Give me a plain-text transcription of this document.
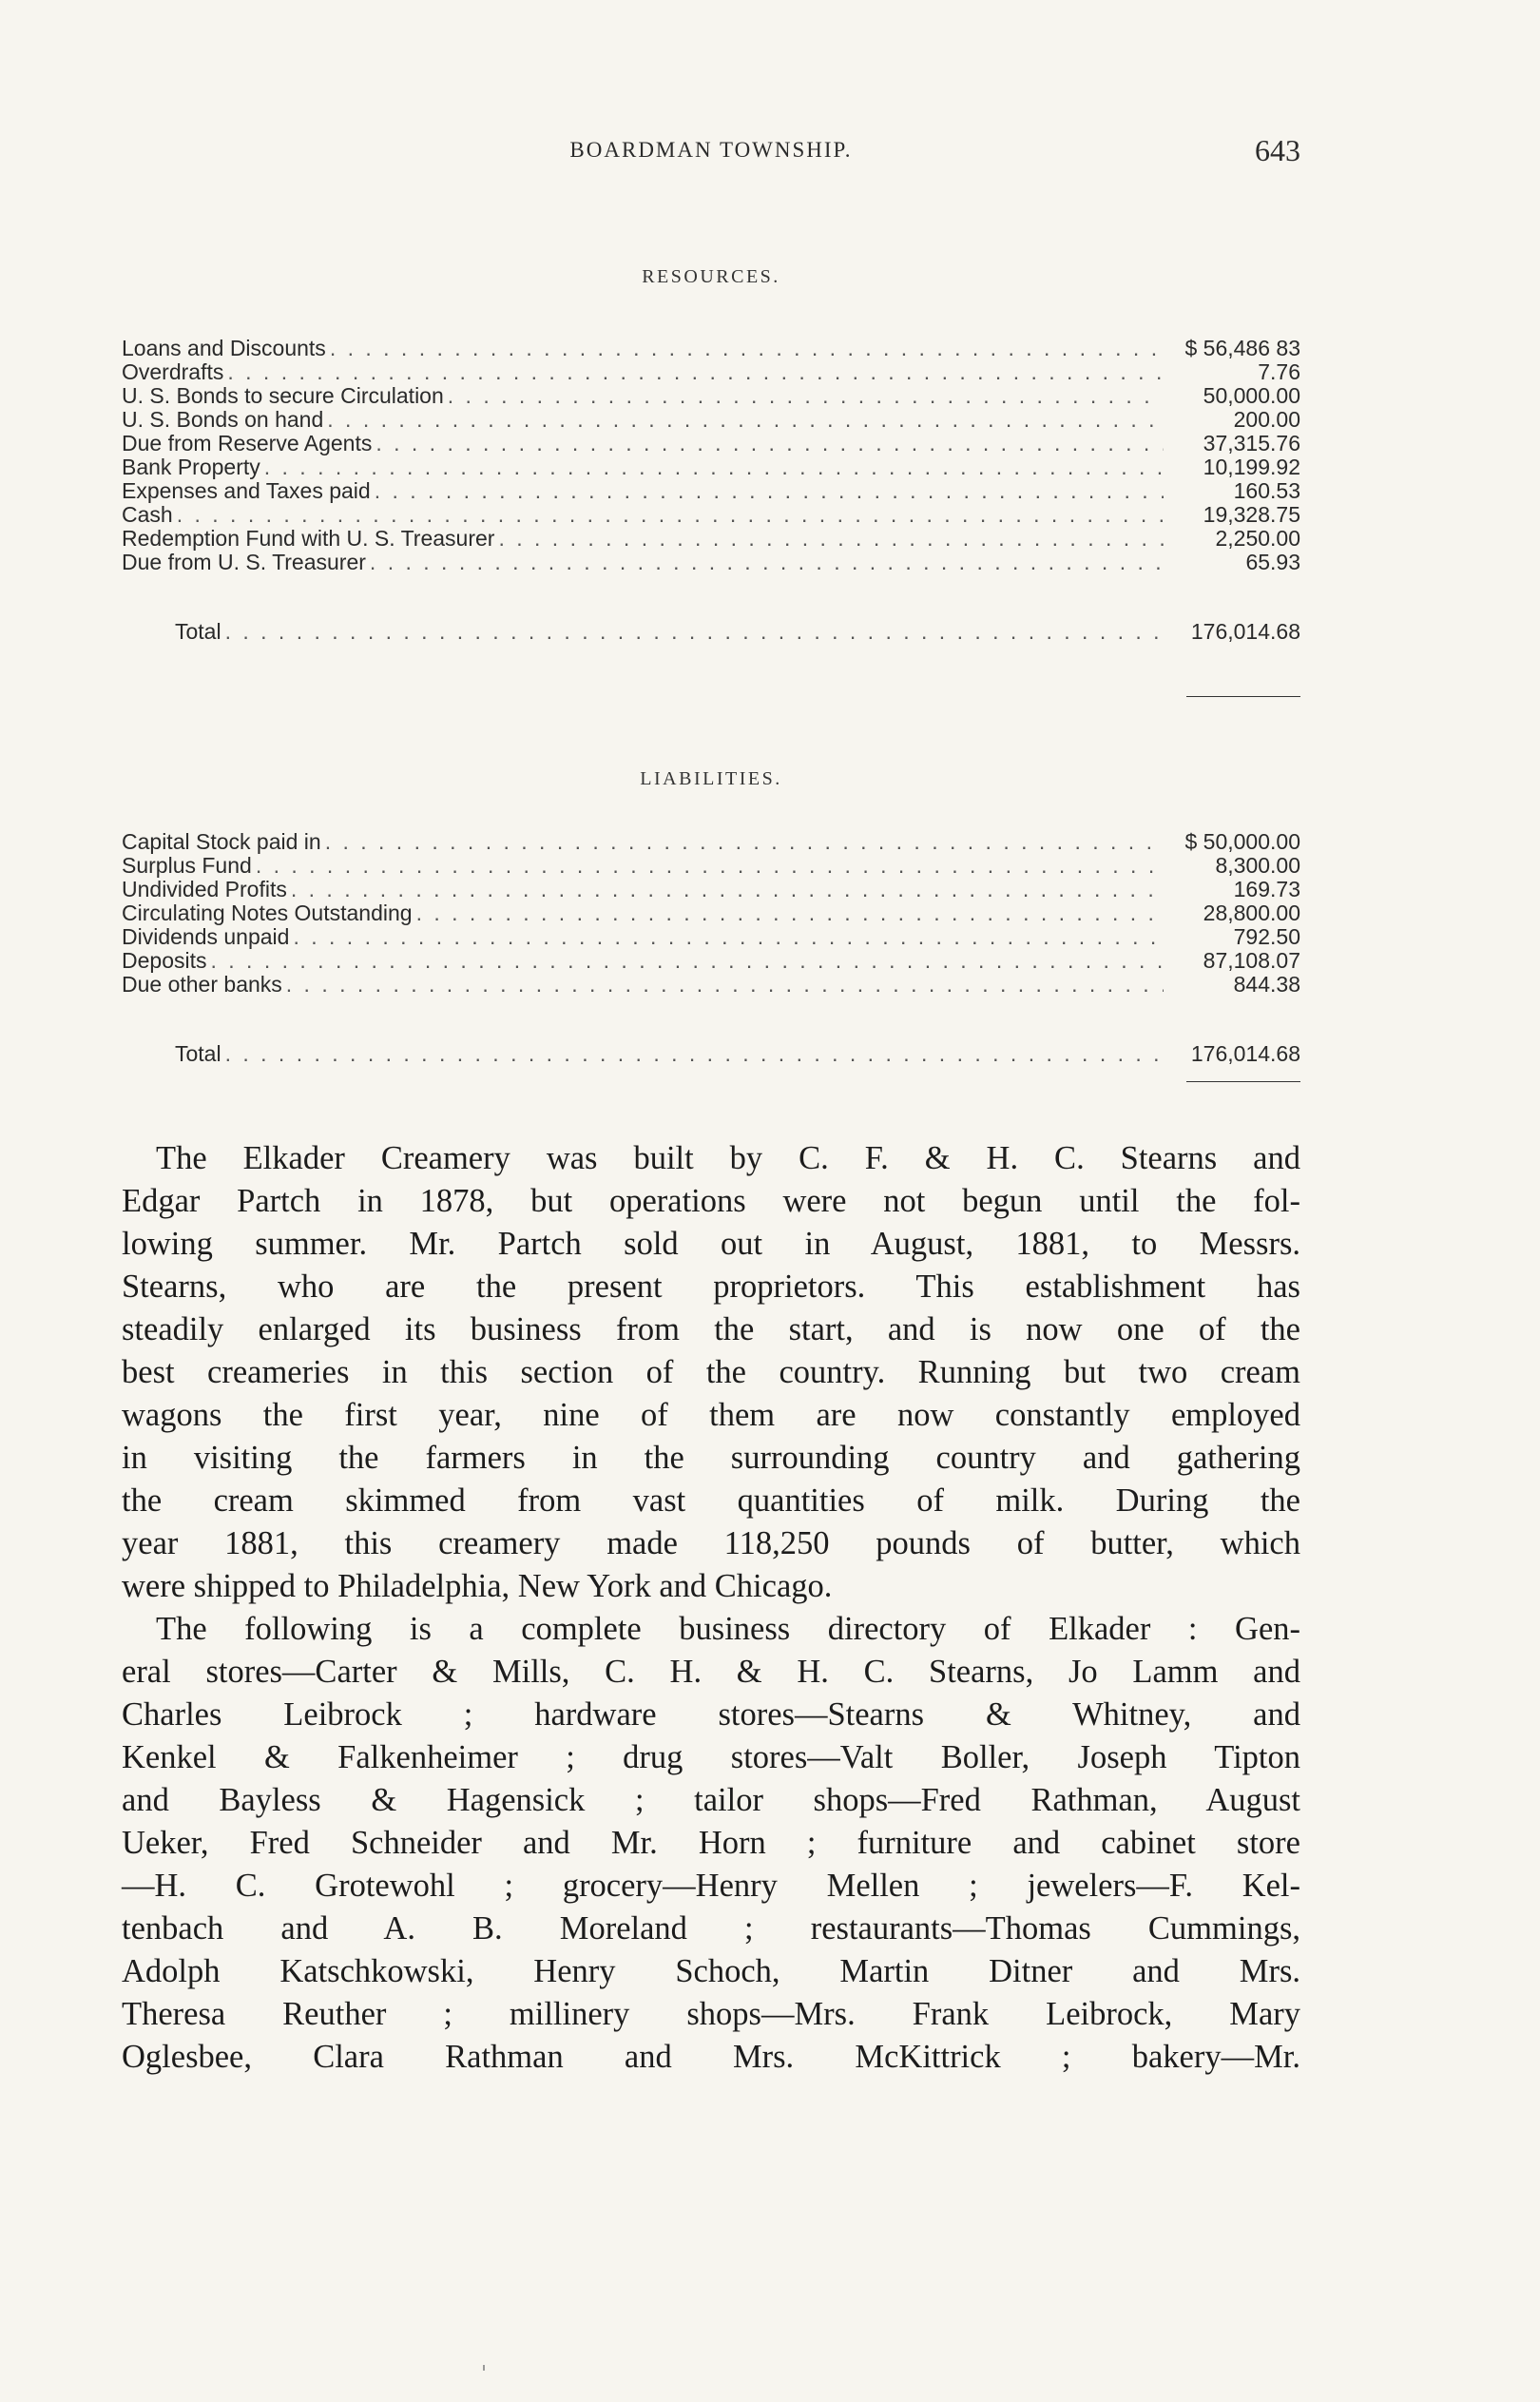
BOARDMAN TOWNSHIP.	643
RESOURCES.
Loans and Discounts . . .	$ 56,486 83
Overdrafts . . .	7.76
U. S. Bonds to secure Circulation . . .	50,000.00
U. S. Bonds on hand . . .	200.00
Due from Reserve Agents . . .	37,315.76
Bank Property . . .	10,199.92
Expenses and Taxes paid . . .	160.53
Cash . . .	19,328.75
Redemption Fund with U. S. Treasurer . . .	2,250.00
Due from U. S. Treasurer . . .	65.93
Total . . .	176,014.68
LIABILITIES.
Capital Stock paid in . . .	$ 50,000.00
Surplus Fund . . .	8,300.00
Undivided Profits . . .	169.73
Circulating Notes Outstanding . . .	28,800.00
Dividends unpaid . . .	792.50
Deposits . . .	87,108.07
Due other banks . . .	844.38
Total . . .	176,014.68
The Elkader Creamery was built by C. F. & H. C. Stearns and
Edgar Partch in 1878, but operations were not begun until the fol-
lowing summer. Mr. Partch sold out in August, 1881, to Messrs.
Stearns, who are the present proprietors. This establishment has
steadily enlarged its business from the start, and is now one of the
best creameries in this section of the country. Running but two cream
wagons the first year, nine of them are now constantly employed
in visiting the farmers in the surrounding country and gathering
the cream skimmed from vast quantities of milk. During the
year 1881, this creamery made 118,250 pounds of butter, which
were shipped to Philadelphia, New York and Chicago.
The following is a complete business directory of Elkader : Gen-
eral stores—Carter & Mills, C. H. & H. C. Stearns, Jo Lamm and
Charles Leibrock ; hardware stores—Stearns & Whitney, and
Kenkel & Falkenheimer ; drug stores—Valt Boller, Joseph Tipton
and Bayless & Hagensick ; tailor shops—Fred Rathman, August
Ueker, Fred Schneider and Mr. Horn ; furniture and cabinet store
—H. C. Grotewohl ; grocery—Henry Mellen ; jewelers—F. Kel-
tenbach and A. B. Moreland ; restaurants—Thomas Cummings,
Adolph Katschkowski, Henry Schoch, Martin Ditner and Mrs.
Theresa Reuther ; millinery shops—Mrs. Frank Leibrock, Mary
Oglesbee, Clara Rathman and Mrs. McKittrick ; bakery—Mr.
